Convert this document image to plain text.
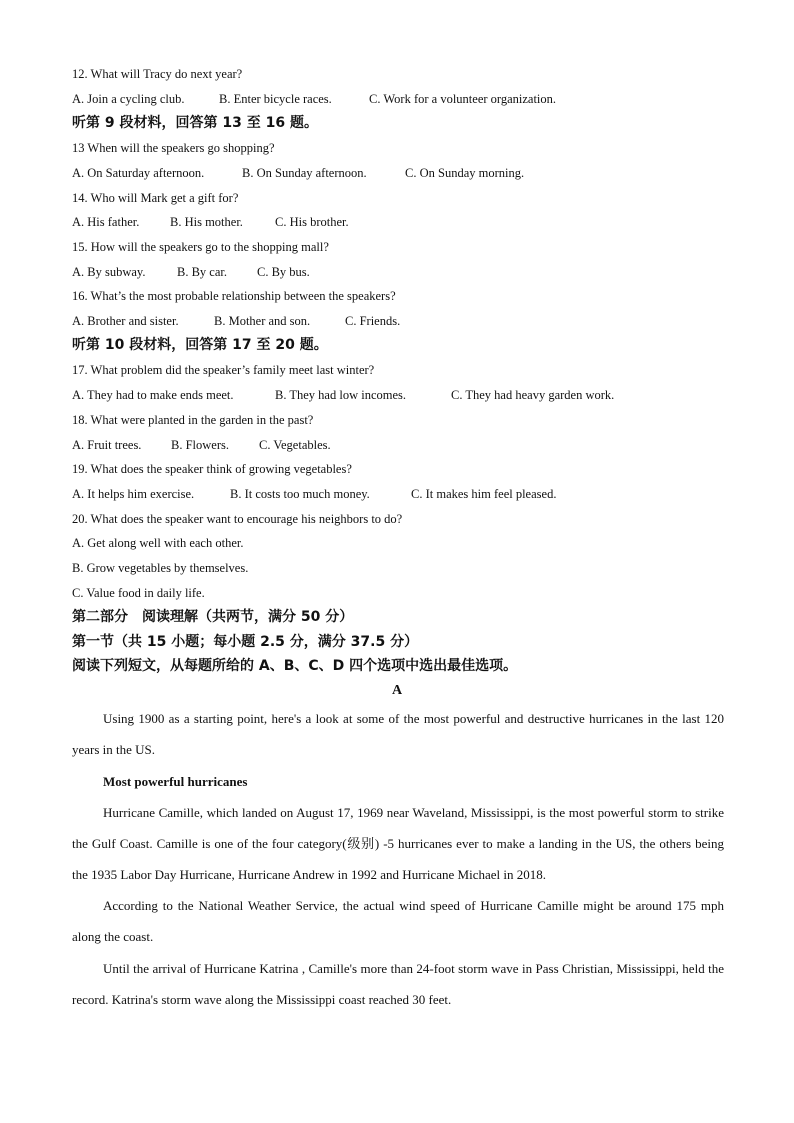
12. What will Tracy do next year?
A. Join a cycling club.	B. Enter bicycle races.	C. Work for a volunteer organization.
听第 9 段材料，回答第 13 至 16 题。
13 When will the speakers go shopping?
A. On Saturday afternoon.	B. On Sunday afternoon.	C. On Sunday morning.
14. Who will Mark get a gift for?
A. His father. B. His mother.	C. His brother.
15. How will the speakers go to the shopping mall?
A. By subway.	B. By car. C. By bus.
16. What’s the most probable relationship between the speakers?
A. Brother and sister.	B. Mother and son.	C. Friends.
听第 10 段材料，回答第 17 至 20 题。
17. What problem did the speaker’s family meet last winter?
A. They had to make ends meet.	B. They had low incomes.	C. They had heavy garden work.
18. What were planted in the garden in the past?
A. Fruit trees. B. Flowers. C. Vegetables.
19. What does the speaker think of growing vegetables?
A. It helps him exercise.	B. It costs too much money.	C. It makes him feel pleased.
20. What does the speaker want to encourage his neighbors to do?
A. Get along well with each other.
B. Grow vegetables by themselves.
C. Value food in daily life.
第二部分　阅读理解（共两节，满分 50 分）
第一节（共 15 小题；每小题 2.5 分，满分 37.5 分）
阅读下列短文，从每题所给的 A、B、C、D 四个选项中选出最佳选项。
A
Using 1900 as a starting point, here's a look at some of the most powerful and destructive hurricanes in the last 120 years in the US.
Most powerful hurricanes
Hurricane Camille, which landed on August 17, 1969 near Waveland, Mississippi, is the most powerful storm to strike the Gulf Coast. Camille is one of the four category(级别) -5 hurricanes ever to make a landing in the US, the others being the 1935 Labor Day Hurricane, Hurricane Andrew in 1992 and Hurricane Michael in 2018.
According to the National Weather Service, the actual wind speed of Hurricane Camille might be around 175 mph along the coast.
Until the arrival of Hurricane Katrina , Camille's more than 24-foot storm wave in Pass Christian, Mississippi, held the record. Katrina's storm wave along the Mississippi coast reached 30 feet.
